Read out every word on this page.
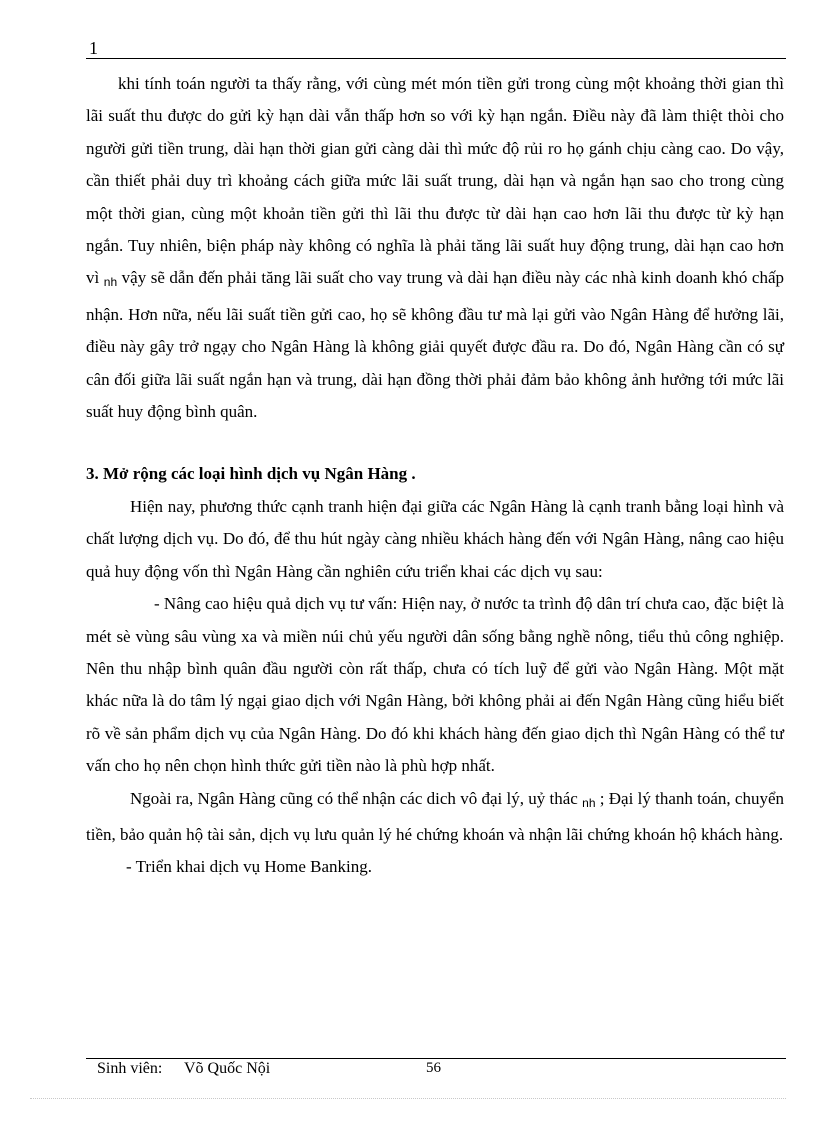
1

khi tính toán người ta thấy rằng, với cùng mét món tiền gửi trong cùng một khoảng thời gian thì lãi suất thu được do gửi kỳ hạn dài vẫn thấp hơn so với kỳ hạn ngắn. Điều này đã làm thiệt thòi cho người gửi tiền trung, dài hạn thời gian gửi càng dài thì mức độ rủi ro họ gánh chịu càng cao. Do vậy, cần thiết phải duy trì khoảng cách giữa mức lãi suất trung, dài hạn và ngắn hạn sao cho trong cùng một thời gian, cùng một khoản tiền gửi thì lãi thu được từ dài hạn cao hơn lãi thu được từ kỳ hạn ngắn. Tuy nhiên, biện pháp này không có nghĩa là phải tăng lãi suất huy động trung, dài hạn cao hơn vì $_{nh}$ vậy sẽ dẫn đến phải tăng lãi suất cho vay trung và dài hạn điều này các nhà kinh doanh khó chấp nhận. Hơn nữa, nếu lãi suất tiền gửi cao, họ sẽ không đầu tư mà lại gửi vào Ngân Hàng để hưởng lãi, điều này gây trở ngạy cho Ngân Hàng là không giải quyết được đầu ra. Do đó, Ngân Hàng cần có sự cân đối giữa lãi suất ngắn hạn và trung, dài hạn đồng thời phải đảm bảo không ảnh hưởng tới mức lãi suất huy động bình quân.

3. Mở rộng các loại hình dịch vụ Ngân Hàng .

Hiện nay, phương thức cạnh tranh hiện đại giữa các Ngân Hàng là cạnh tranh bằng loại hình và chất lượng dịch vụ. Do đó, để thu hút ngày càng nhiều khách hàng đến với Ngân Hàng, nâng cao hiệu quả huy động vốn thì Ngân Hàng cần nghiên cứu triển khai các dịch vụ sau:

- Nâng cao hiệu quả dịch vụ tư vấn: Hiện nay, ở nước ta trình độ dân trí chưa cao, đặc biệt là mét sè vùng sâu vùng xa và miền núi chủ yếu người dân sống bằng nghề nông, tiểu thủ công nghiệp. Nên thu nhập bình quân đầu người còn rất thấp, chưa có tích luỹ để gửi vào Ngân Hàng. Một mặt khác nữa là do tâm lý ngại giao dịch với Ngân Hàng, bởi không phải ai đến Ngân Hàng cũng hiểu biết rõ về sản phẩm dịch vụ của Ngân Hàng. Do đó khi khách hàng đến giao dịch thì Ngân Hàng có thể tư vấn cho họ nên chọn hình thức gửi tiền nào là phù hợp nhất.

Ngoài ra, Ngân Hàng cũng có thể nhận các dich vô đại lý, uỷ thác $_{nh}$ ; Đại lý thanh toán, chuyển tiền, bảo quản hộ tài sản, dịch vụ lưu quản lý hé chứng khoán và nhận lãi chứng khoán hộ khách hàng.

- Triển khai dịch vụ Home Banking.

Sinh viên: Võ Quốc Nội	56
